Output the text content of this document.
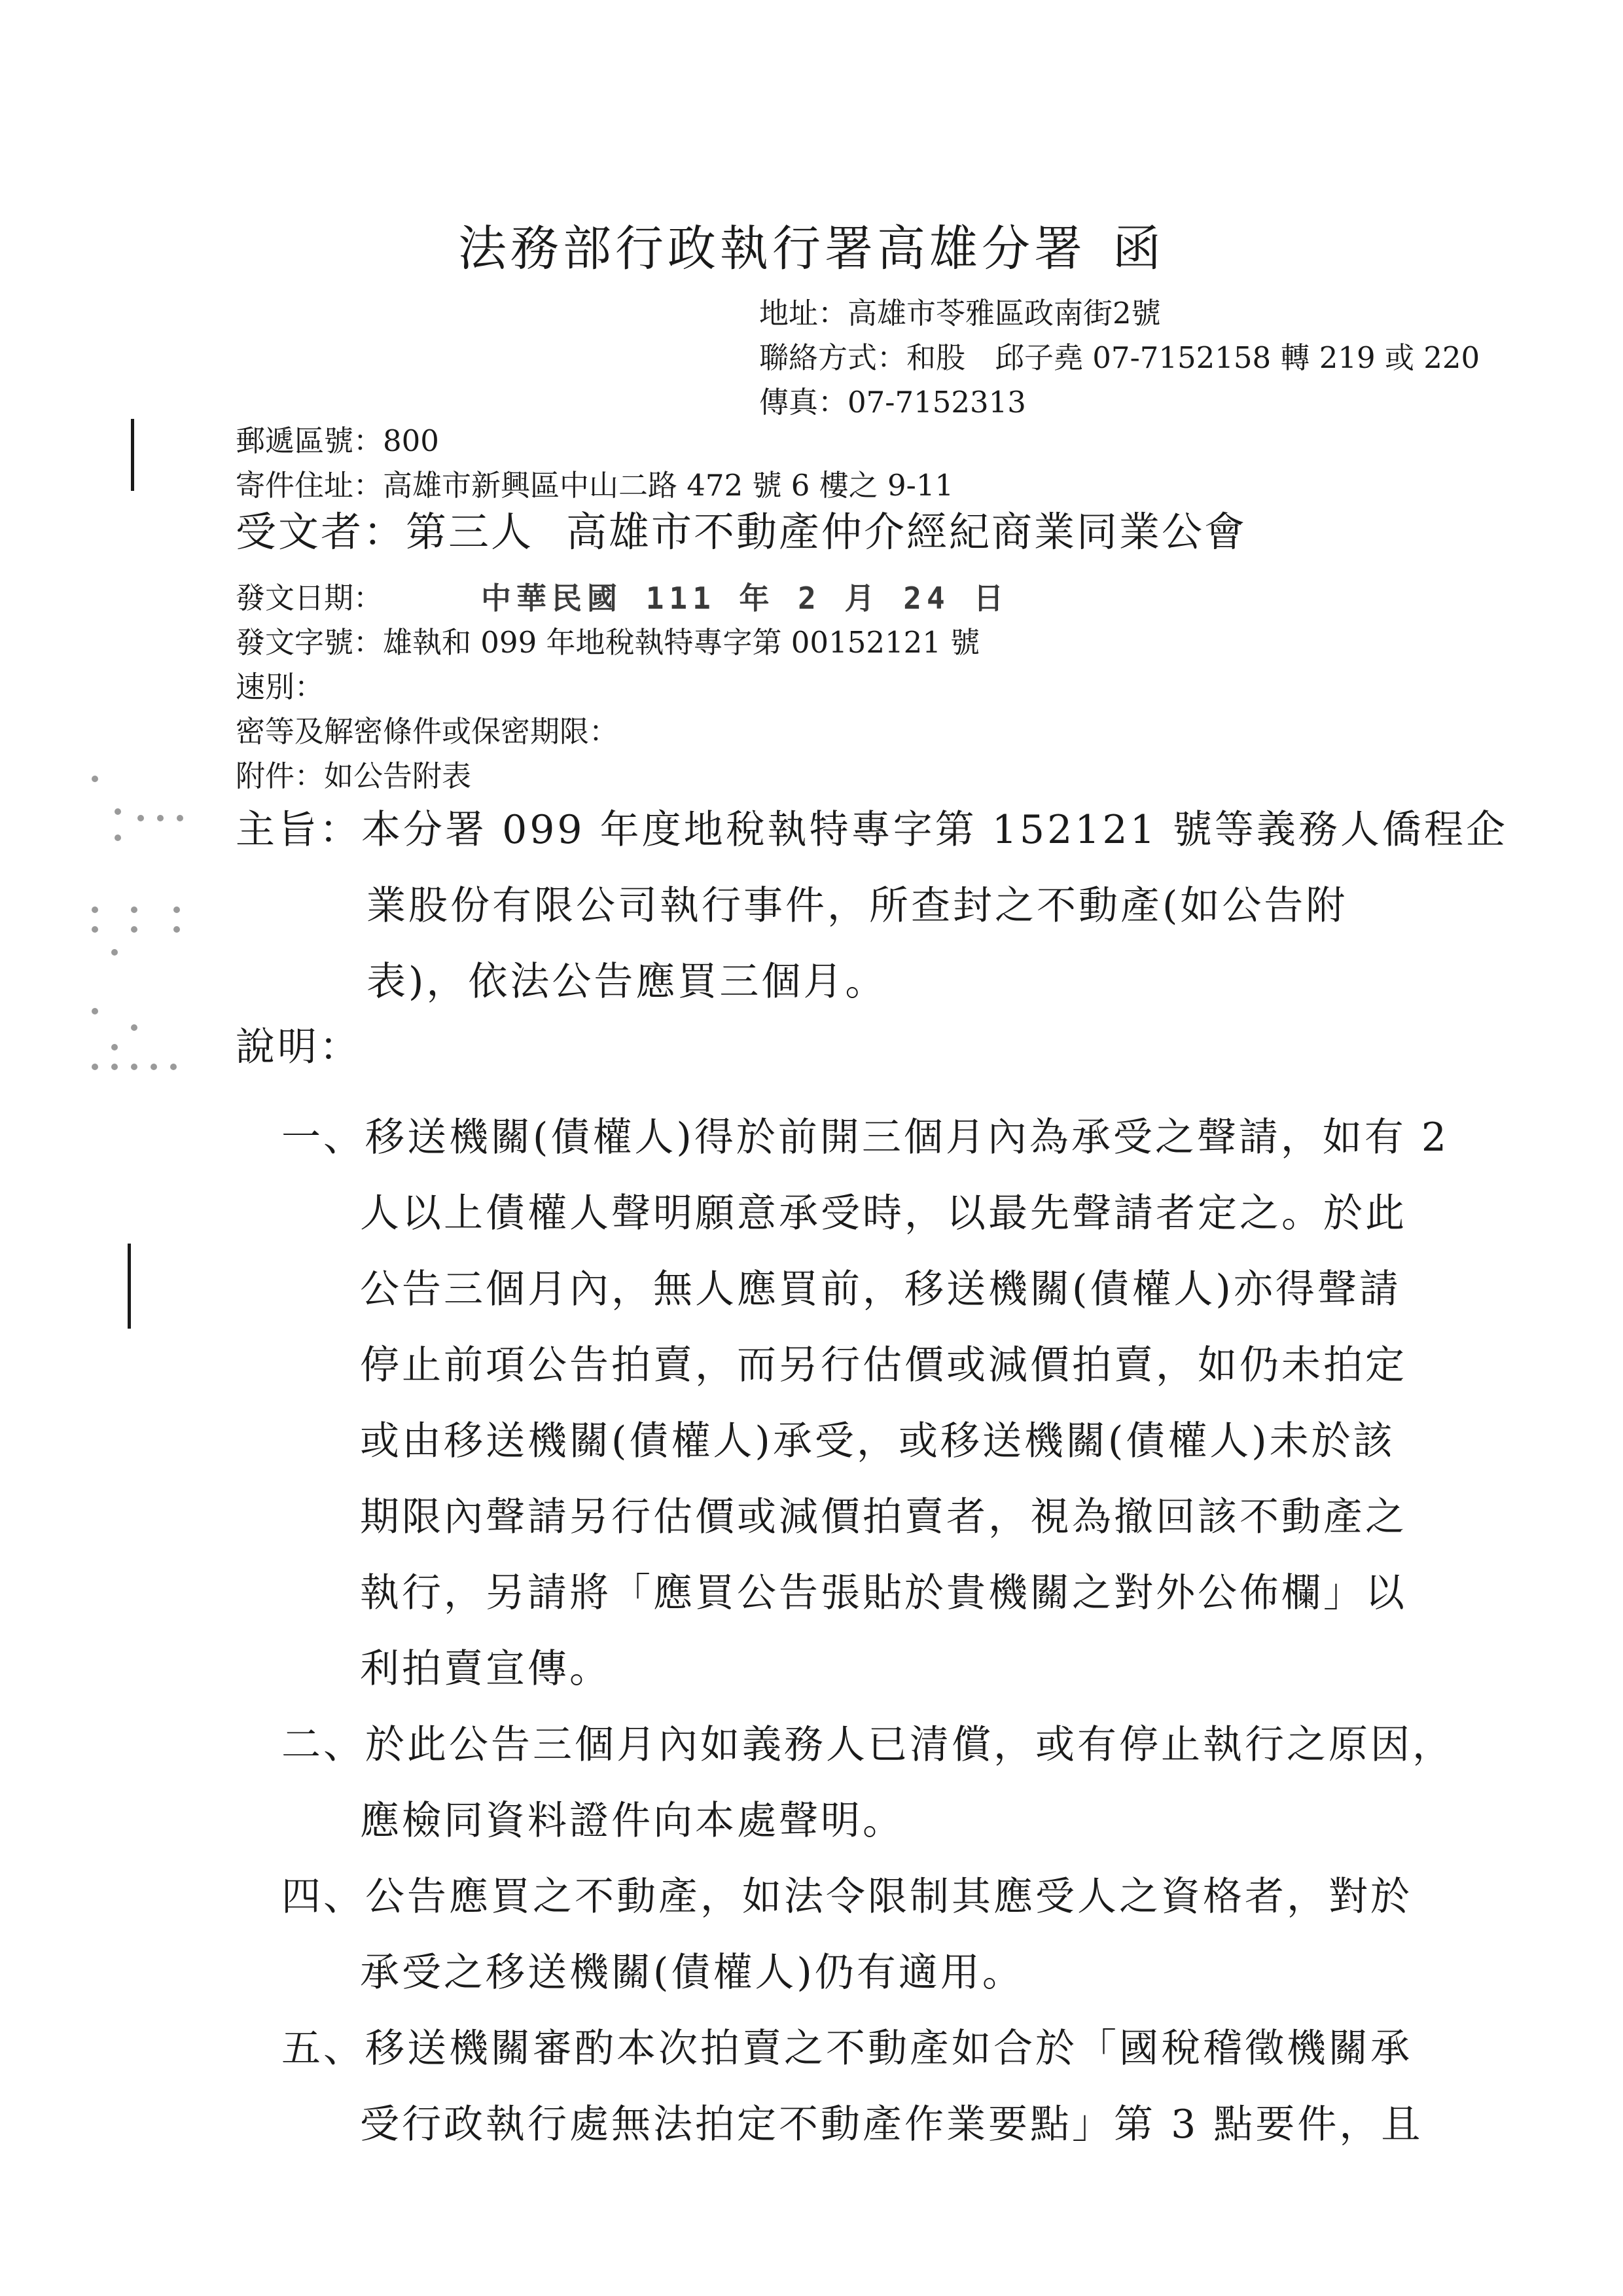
法務部行政執行署高雄分署 函
地址：高雄市苓雅區政南街2號
聯絡方式：和股　邱子堯 07-7152158 轉 219 或 220
傳真：07-7152313
郵遞區號：800
寄件住址：高雄市新興區中山二路 472 號 6 樓之 9-11
受文者：第三人 高雄市不動產仲介經紀商業同業公會
發文日期：
發文字號：雄執和 099 年地稅執特專字第 00152121 號
速別：
密等及解密條件或保密期限：
附件：如公告附表
中華民國 111 年 2 月 24 日
主旨：本分署 099 年度地稅執特專字第 152121 號等義務人僑程企
業股份有限公司執行事件，所查封之不動產(如公告附
表)，依法公告應買三個月。
說明：
一、移送機關(債權人)得於前開三個月內為承受之聲請，如有 2
人以上債權人聲明願意承受時，以最先聲請者定之。於此
公告三個月內，無人應買前，移送機關(債權人)亦得聲請
停止前項公告拍賣，而另行估價或減價拍賣，如仍未拍定
或由移送機關(債權人)承受，或移送機關(債權人)未於該
期限內聲請另行估價或減價拍賣者，視為撤回該不動產之
執行，另請將「應買公告張貼於貴機關之對外公佈欄」以
利拍賣宣傳。
二、於此公告三個月內如義務人已清償，或有停止執行之原因，
應檢同資料證件向本處聲明。
四、公告應買之不動產，如法令限制其應受人之資格者，對於
承受之移送機關(債權人)仍有適用。
五、移送機關審酌本次拍賣之不動產如合於「國稅稽徵機關承
受行政執行處無法拍定不動產作業要點」第 3 點要件，且
